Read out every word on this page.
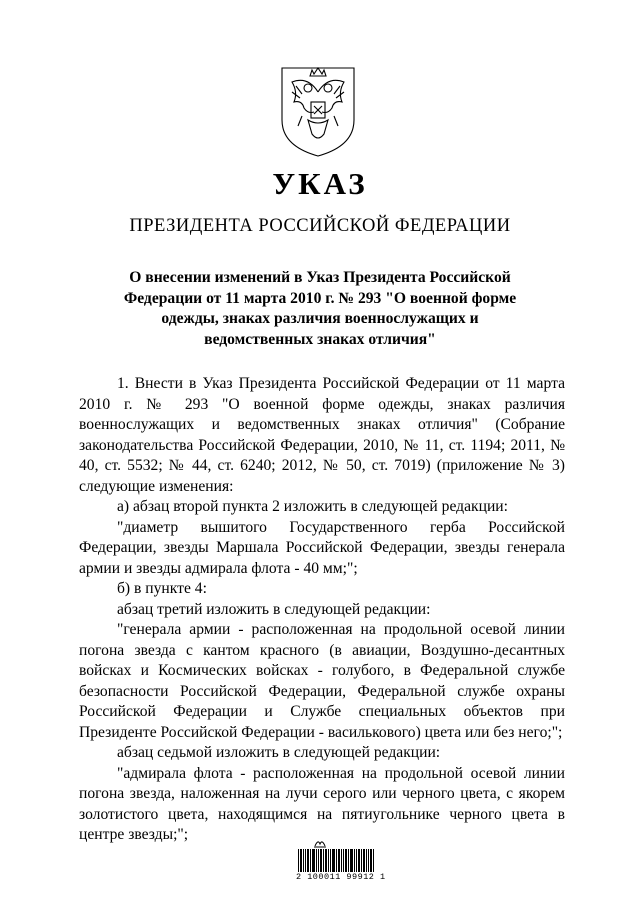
УКАЗ
ПРЕЗИДЕНТА РОССИЙСКОЙ ФЕДЕРАЦИИ
О внесении изменений в Указ Президента Российской
Федерации от 11 марта 2010 г. № 293 "О военной форме
одежды, знаках различия военнослужащих и
ведомственных знаках отличия"

1. Внести в Указ Президента Российской Федерации от 11 марта 2010 г. № 293 "О военной форме одежды, знаках различия военнослужащих и ведомственных знаках отличия" (Собрание законодательства Российской Федерации, 2010, № 11, ст. 1194; 2011, № 40, ст. 5532; № 44, ст. 6240; 2012, № 50, ст. 7019) (приложение № 3) следующие изменения:

а) абзац второй пункта 2 изложить в следующей редакции:

"диаметр вышитого Государственного герба Российской Федерации, звезды Маршала Российской Федерации, звезды генерала армии и звезды адмирала флота - 40 мм;";

б) в пункте 4:

абзац третий изложить в следующей редакции:

"генерала армии - расположенная на продольной осевой линии погона звезда с кантом красного (в авиации, Воздушно-десантных войсках и Космических войсках - голубого, в Федеральной службе безопасности Российской Федерации, Федеральной службе охраны Российской Федерации и Службе специальных объектов при Президенте Российской Федерации - василькового) цвета или без него;";

абзац седьмой изложить в следующей редакции:

"адмирала флота - расположенная на продольной осевой линии погона звезда, наложенная на лучи серого или черного цвета, с якорем золотистого цвета, находящимся на пятиугольнике черного цвета в центре звезды;";

2 100011 99912 1
